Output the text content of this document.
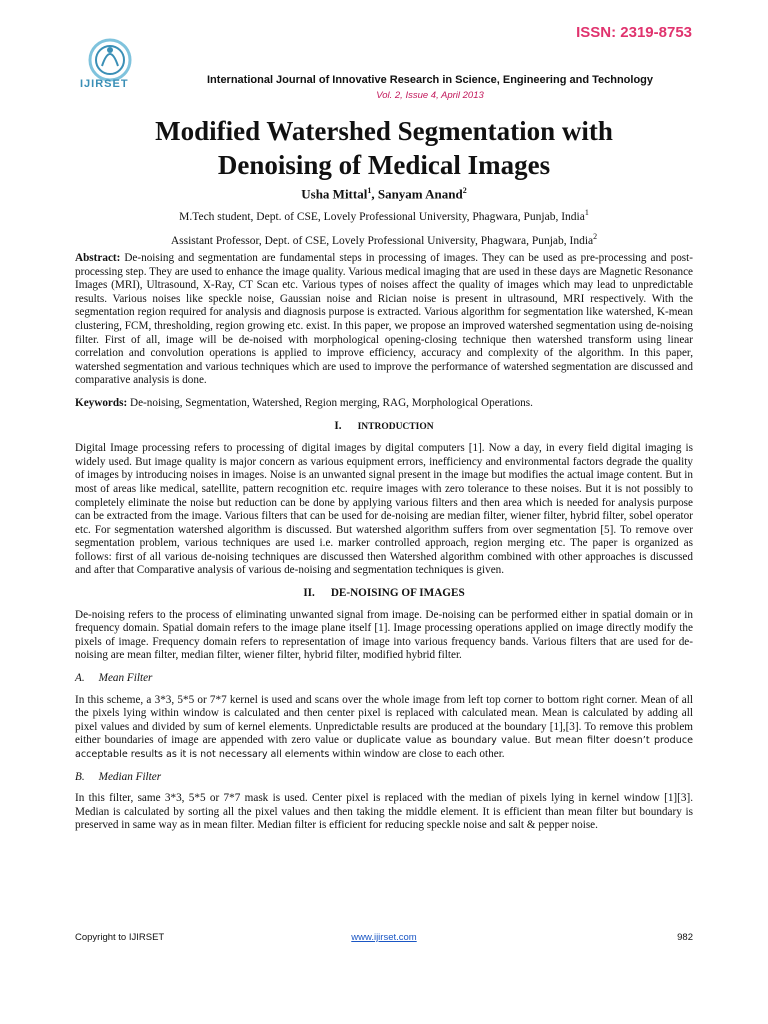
ISSN: 2319-8753
IJIRSET	International Journal of Innovative Research in Science, Engineering and Technology
Vol. 2, Issue 4, April 2013
Modified Watershed Segmentation with
Denoising of Medical Images
Usha Mittal$^1$, Sanyam Anand$^2$
M.Tech student, Dept. of CSE, Lovely Professional University, Phagwara, Punjab, India$^1$
Assistant Professor, Dept. of CSE, Lovely Professional University, Phagwara, Punjab, India$^2$

Abstract: De-noising and segmentation are fundamental steps in processing of images. They can be used as pre-processing and post-processing step. They are used to enhance the image quality. Various medical imaging that are used in these days are Magnetic Resonance Images (MRI), Ultrasound, X-Ray, CT Scan etc. Various types of noises affect the quality of images which may lead to unpredictable results. Various noises like speckle noise, Gaussian noise and Rician noise is present in ultrasound, MRI respectively. With the segmentation region required for analysis and diagnosis purpose is extracted. Various algorithm for segmentation like watershed, K-mean clustering, FCM, thresholding, region growing etc. exist. In this paper, we propose an improved watershed segmentation using de-noising filter. First of all, image will be de-noised with morphological opening-closing technique then watershed transform using linear correlation and convolution operations is applied to improve efficiency, accuracy and complexity of the algorithm. In this paper, watershed segmentation and various techniques which are used to improve the performance of watershed segmentation are discussed and comparative analysis is done.

Keywords: De-noising, Segmentation, Watershed, Region merging, RAG, Morphological Operations.

I. INTRODUCTION

Digital Image processing refers to processing of digital images by digital computers [1]. Now a day, in every field digital imaging is widely used. But image quality is major concern as various equipment errors, inefficiency and environmental factors degrade the quality of images by introducing noises in images. Noise is an unwanted signal present in the image but modifies the actual image content. But in most of areas like medical, satellite, pattern recognition etc. require images with zero tolerance to these noises. But it is not possibly to completely eliminate the noise but reduction can be done by applying various filters and then area which is needed for analysis purpose can be extracted from the image. Various filters that can be used for de-noising are median filter, wiener filter, hybrid filter, sobel operator etc. For segmentation watershed algorithm is discussed. But watershed algorithm suffers from over segmentation [5]. To remove over segmentation problem, various techniques are used i.e. marker controlled approach, region merging etc. The paper is organized as follows: first of all various de-noising techniques are discussed then Watershed algorithm combined with other approaches is discussed and after that Comparative analysis of various de-noising and segmentation techniques is given.

II. DE-NOISING OF IMAGES

De-noising refers to the process of eliminating unwanted signal from image. De-noising can be performed either in spatial domain or in frequency domain. Spatial domain refers to the image plane itself [1]. Image processing operations applied on image directly modify the pixels of image. Frequency domain refers to representation of image into various frequency bands. Various filters that are used for de-noising are mean filter, median filter, wiener filter, hybrid filter, modified hybrid filter.

A. Mean Filter

In this scheme, a 3*3, 5*5 or 7*7 kernel is used and scans over the whole image from left top corner to bottom right corner. Mean of all the pixels lying within window is calculated and then center pixel is replaced with calculated mean. Mean is calculated by adding all pixel values and divided by sum of kernel elements. Unpredictable results are produced at the boundary [1],[3]. To remove this problem either boundaries of image are appended with zero value or duplicate value as boundary value. But mean filter doesn’t produce acceptable results as it is not necessary all elements within window are close to each other.

B. Median Filter

In this filter, same 3*3, 5*5 or 7*7 mask is used. Center pixel is replaced with the median of pixels lying in kernel window [1][3]. Median is calculated by sorting all the pixel values and then taking the middle element. It is efficient than mean filter but boundary is preserved in same way as in mean filter. Median filter is efficient for reducing speckle noise and salt & pepper noise.

Copyright to IJIRSET	www.ijirset.com	982
